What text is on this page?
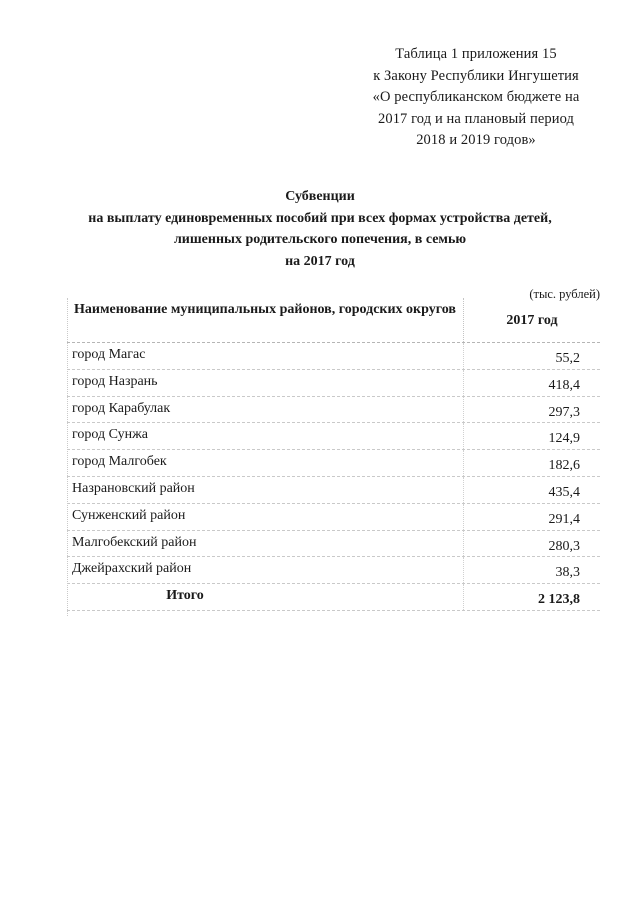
Таблица 1 приложения 15
к Закону Республики Ингушетия
«О республиканском бюджете на
2017 год и на плановый период
2018 и 2019 годов»
Субвенции
на выплату единовременных пособий при всех формах устройства детей,
лишенных родительского попечения, в семью
на 2017 год
(тыс. рублей)
Наименование муниципальных районов, городских округов
2017 год
город Магас	55,2
город Назрань	418,4
город Карабулак	297,3
город Сунжа	124,9
город Малгобек	182,6
Назрановский район	435,4
Сунженский район	291,4
Малгобекский район	280,3
Джейрахский район	38,3
Итого	2 123,8
